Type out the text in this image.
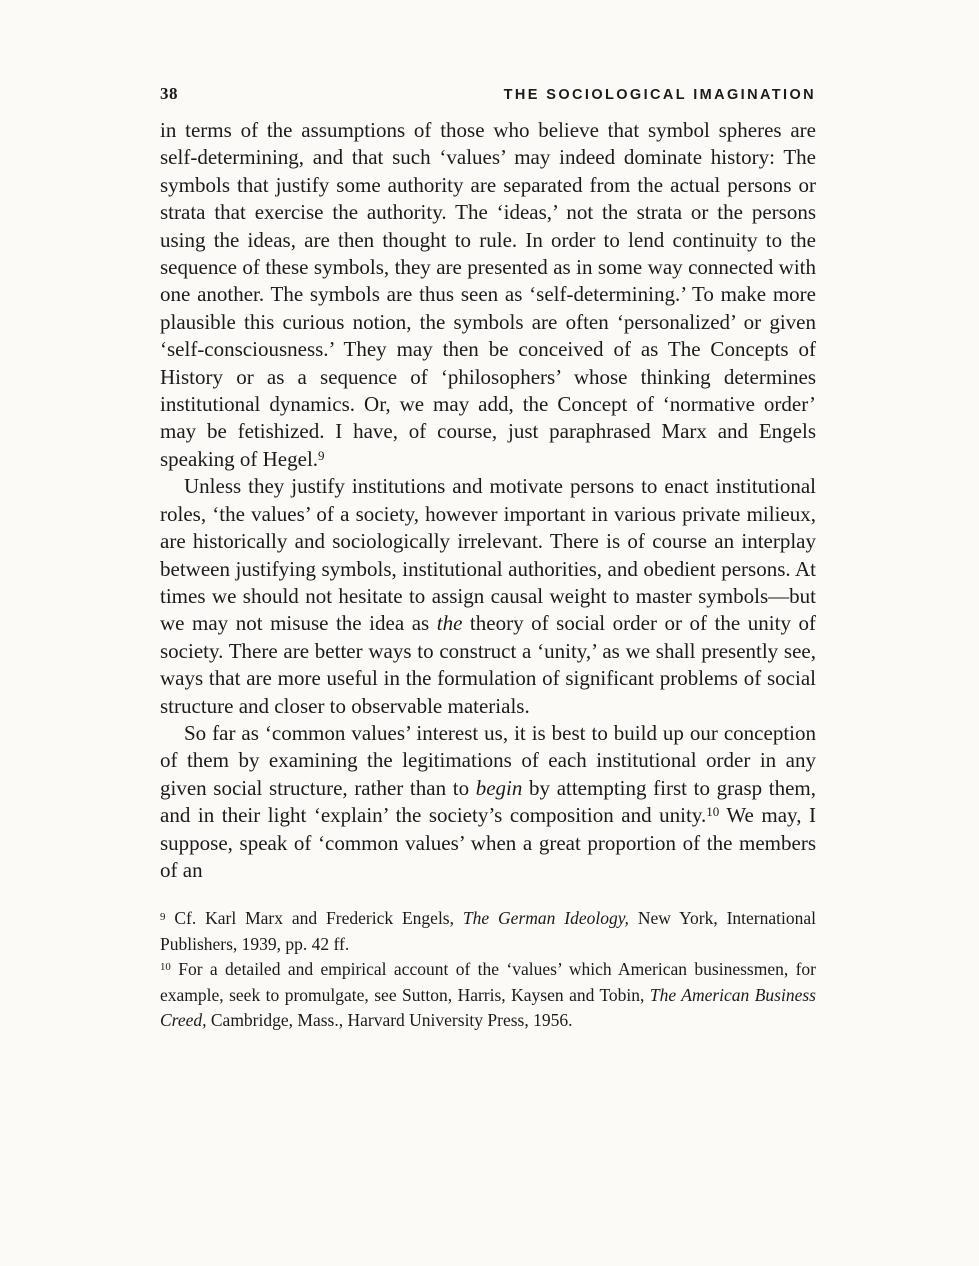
38	THE SOCIOLOGICAL IMAGINATION

in terms of the assumptions of those who believe that symbol spheres are self-determining, and that such ‘values’ may indeed dominate history: The symbols that justify some authority are separated from the actual persons or strata that exercise the authority. The ‘ideas,’ not the strata or the persons using the ideas, are then thought to rule. In order to lend continuity to the sequence of these symbols, they are presented as in some way connected with one another. The symbols are thus seen as ‘self-determining.’ To make more plausible this curious notion, the symbols are often ‘personalized’ or given ‘self-consciousness.’ They may then be conceived of as The Concepts of History or as a sequence of ‘philosophers’ whose thinking determines institutional dynamics. Or, we may add, the Concept of ‘normative order’ may be fetishized. I have, of course, just paraphrased Marx and Engels speaking of Hegel.$^9$

Unless they justify institutions and motivate persons to enact institutional roles, ‘the values’ of a society, however important in various private milieux, are historically and sociologically irrelevant. There is of course an interplay between justifying symbols, institutional authorities, and obedient persons. At times we should not hesitate to assign causal weight to master symbols—but we may not misuse the idea as the theory of social order or of the unity of society. There are better ways to construct a ‘unity,’ as we shall presently see, ways that are more useful in the formulation of significant problems of social structure and closer to observable materials.

So far as ‘common values’ interest us, it is best to build up our conception of them by examining the legitimations of each institutional order in any given social structure, rather than to begin by attempting first to grasp them, and in their light ‘explain’ the society’s composition and unity.$^{10}$ We may, I suppose, speak of ‘common values’ when a great proportion of the members of an

$^9$ Cf. Karl Marx and Frederick Engels, The German Ideology, New York, International Publishers, 1939, pp. 42 ff.

$^{10}$ For a detailed and empirical account of the ‘values’ which American businessmen, for example, seek to promulgate, see Sutton, Harris, Kaysen and Tobin, The American Business Creed, Cambridge, Mass., Harvard University Press, 1956.
